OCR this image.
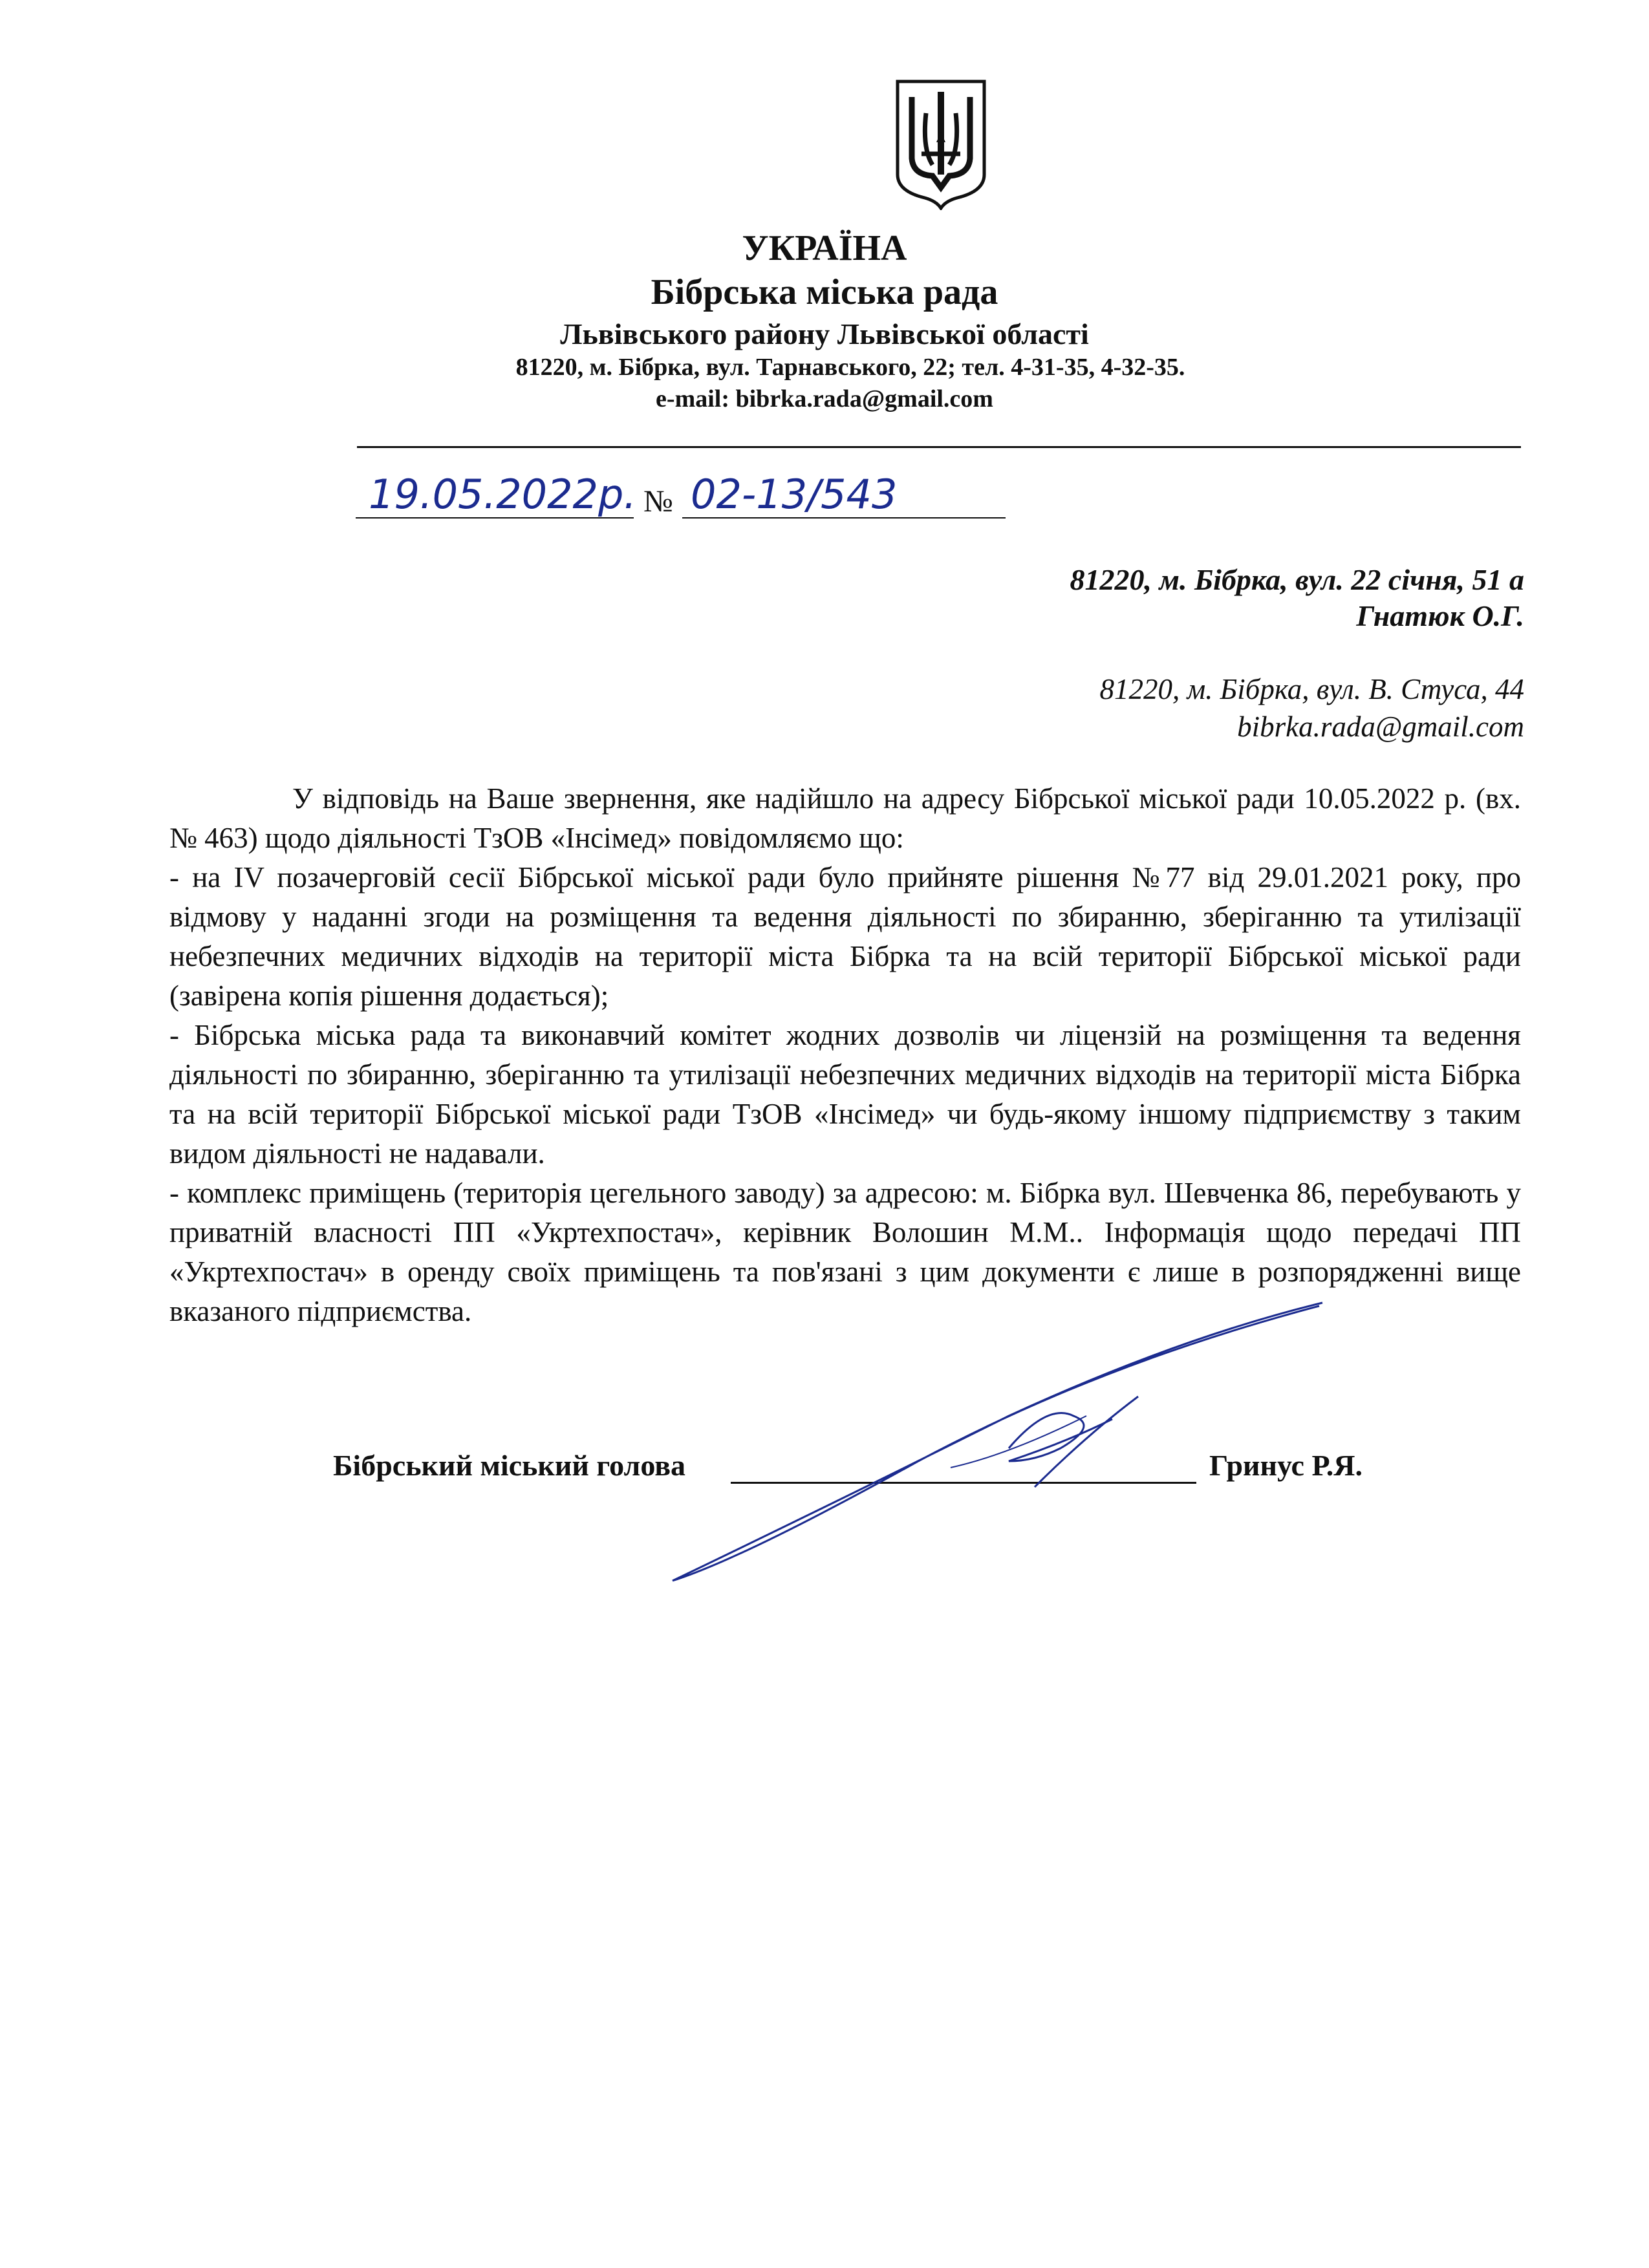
УКРАЇНА
Бібрська міська рада
Львівського району Львівської області
81220, м. Бібрка, вул. Тарнавського, 22; тел. 4-31-35, 4-32-35.
e-mail: bibrka.rada@gmail.com
19.05.2022р. № 02-13/543
81220, м. Бібрка, вул. 22 січня, 51 а
Гнатюк О.Г.
81220, м. Бібрка, вул. В. Стуса, 44
bibrka.rada@gmail.com

У відповідь на Ваше звернення, яке надійшло на адресу Бібрської міської ради 10.05.2022 р. (вх. № 463) щодо діяльності ТзОВ «Інсімед» повідомляємо що:

- на IV позачерговій сесії Бібрської міської ради було прийняте рішення №77 від 29.01.2021 року, про відмову у наданні згоди на розміщення та ведення діяльності по збиранню, зберіганню та утилізації небезпечних медичних відходів на території міста Бібрка та на всій території Бібрської міської ради (завірена копія рішення додається);

- Бібрська міська рада та виконавчий комітет жодних дозволів чи ліцензій на розміщення та ведення діяльності по збиранню, зберіганню та утилізації небезпечних медичних відходів на території міста Бібрка та на всій території Бібрської міської ради ТзОВ «Інсімед» чи будь-якому іншому підприємству з таким видом діяльності не надавали.

- комплекс приміщень (територія цегельного заводу) за адресою: м. Бібрка вул. Шевченка 86, перебувають у приватній власності ПП «Укртехпостач», керівник Волошин М.М.. Інформація щодо передачі ПП «Укртехпостач» в оренду своїх приміщень та пов'язані з цим документи є лише в розпорядженні вище вказаного підприємства.

Бібрський міський голова	Гринус Р.Я.
